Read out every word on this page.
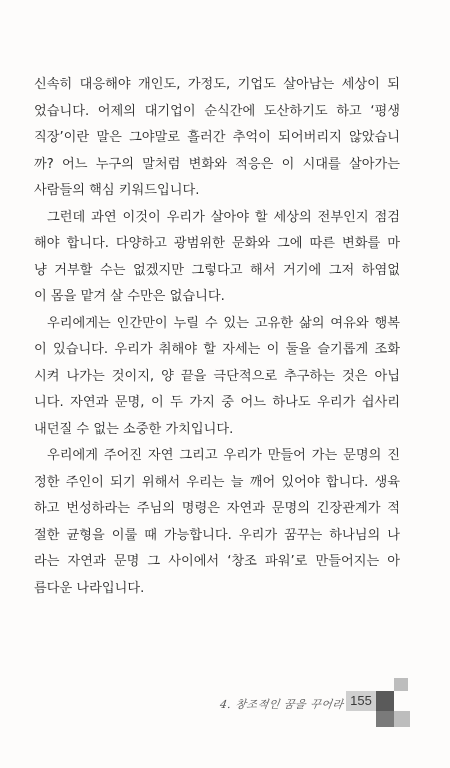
신속히 대응해야 개인도, 가정도, 기업도 살아남는 세상이 되
었습니다. 어제의 대기업이 순식간에 도산하기도 하고 ‘평생
직장’이란 말은 그야말로 흘러간 추억이 되어버리지 않았습니
까? 어느 누구의 말처럼 변화와 적응은 이 시대를 살아가는
사람들의 핵심 키워드입니다.
그런데 과연 이것이 우리가 살아야 할 세상의 전부인지 점검
해야 합니다. 다양하고 광범위한 문화와 그에 따른 변화를 마
냥 거부할 수는 없겠지만 그렇다고 해서 거기에 그저 하염없
이 몸을 맡겨 살 수만은 없습니다.
우리에게는 인간만이 누릴 수 있는 고유한 삶의 여유와 행복
이 있습니다. 우리가 취해야 할 자세는 이 둘을 슬기롭게 조화
시켜 나가는 것이지, 양 끝을 극단적으로 추구하는 것은 아닙
니다. 자연과 문명, 이 두 가지 중 어느 하나도 우리가 쉽사리
내던질 수 없는 소중한 가치입니다.
우리에게 주어진 자연 그리고 우리가 만들어 가는 문명의 진
정한 주인이 되기 위해서 우리는 늘 깨어 있어야 합니다. 생육
하고 번성하라는 주님의 명령은 자연과 문명의 긴장관계가 적
절한 균형을 이룰 때 가능합니다. 우리가 꿈꾸는 하나님의 나
라는 자연과 문명 그 사이에서 ‘창조 파워’로 만들어지는 아
름다운 나라입니다.
4. 창조적인 꿈을 꾸어라 155
